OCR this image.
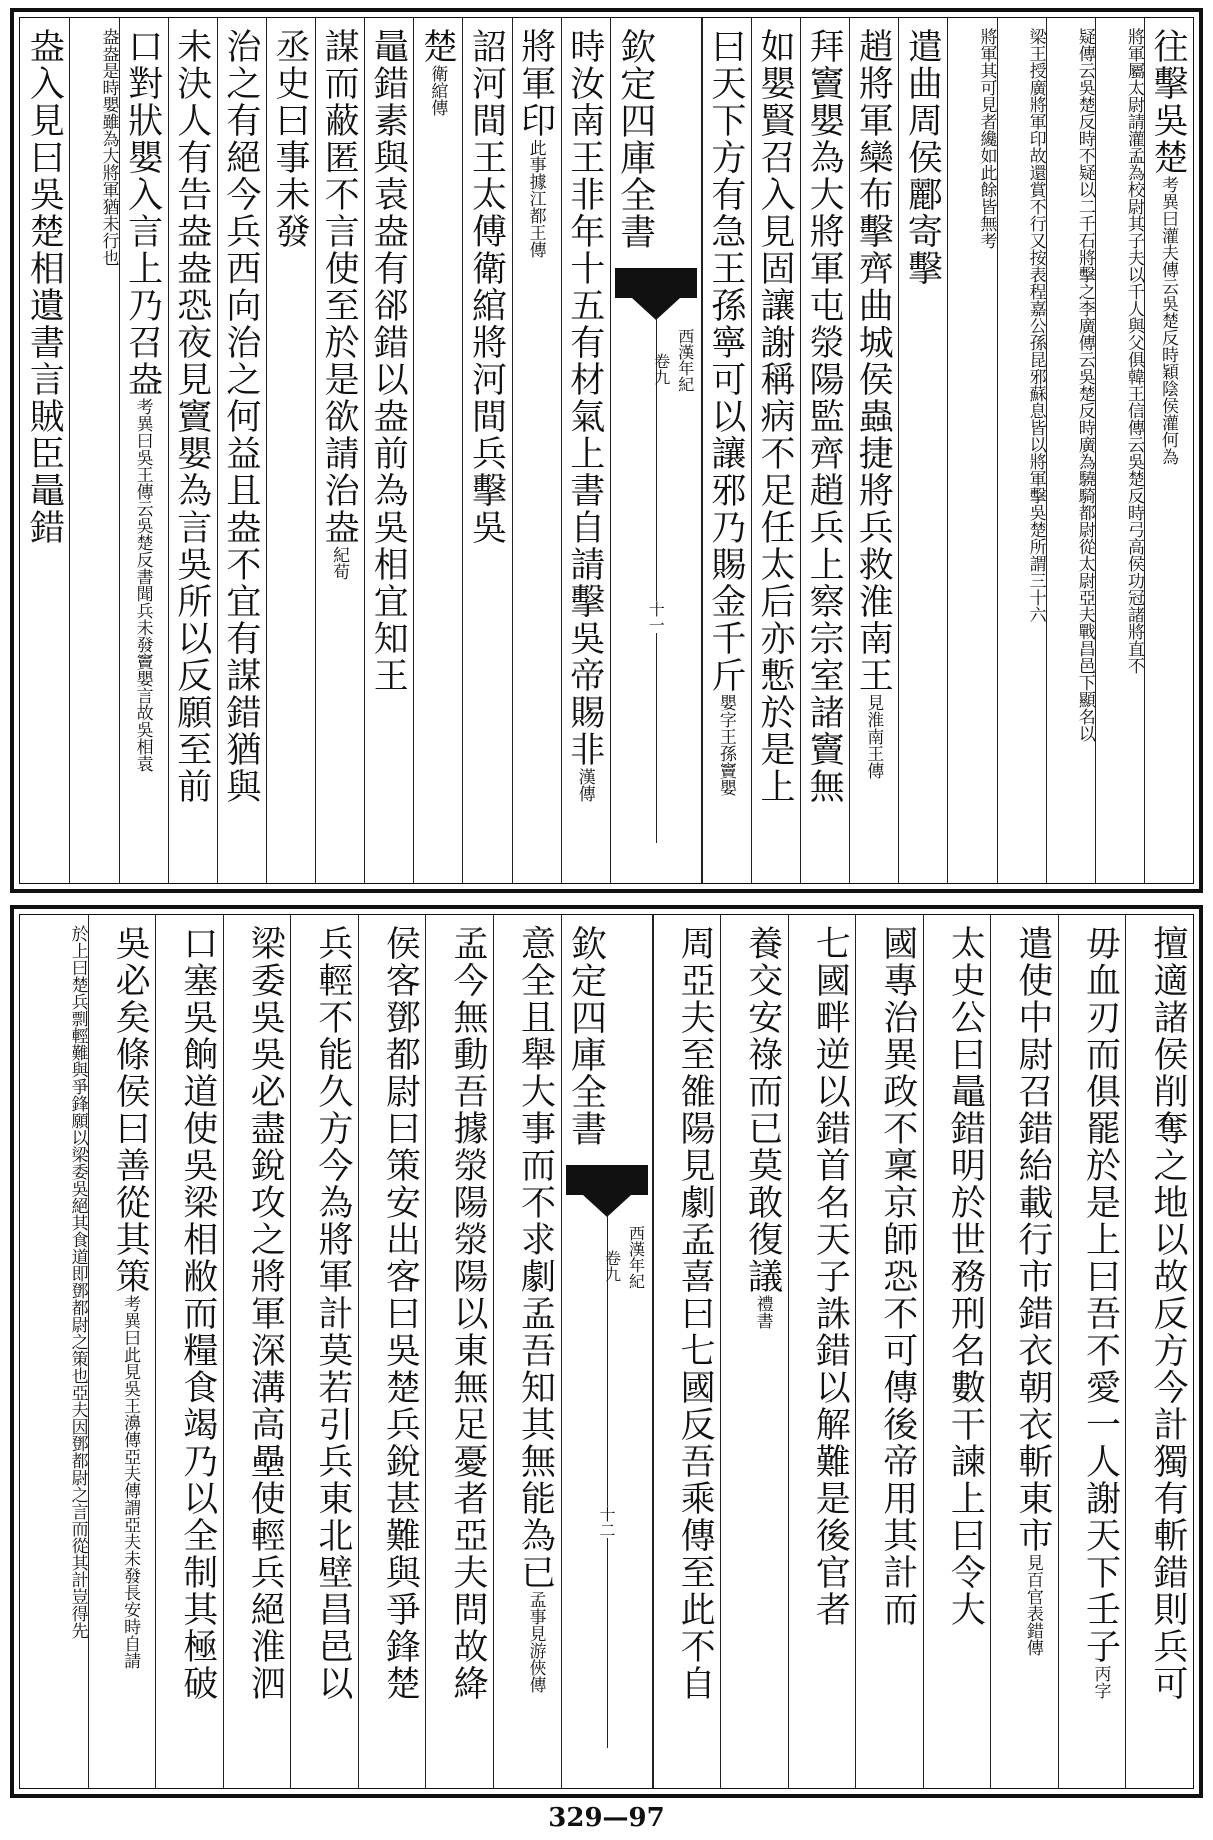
往擊吳楚考異曰灌夫傳云吳楚反時穎陰侯灌何為
將軍屬太尉請灌孟為校尉其子夫以千人與父俱韓王信傳云吳楚反時弓高侯功冠諸將直不
疑傳云吳楚反時不疑以二千石將擊之李廣傳云吳楚反時廣為驍騎都尉從太尉亞夫戰昌邑下顯名以
梁王授廣將軍印故還賞不行又按表程嘉公孫昆邪蘇息皆以將軍擊吳楚所謂三十六
將軍其可見者纔如此餘皆無考
遣曲周侯酈寄擊
趙將軍欒布擊齊曲城侯蟲捷將兵救淮南王見淮南王傳
拜竇嬰為大將軍屯滎陽監齊趙兵上察宗室諸竇無
如嬰賢召入見固讓謝稱病不足任太后亦慙於是上
曰天下方有急王孫寧可以讓邪乃賜金千斤嬰字王孫竇嬰
欽定四庫全書
西漢年紀
卷九
十一
時汝南王非年十五有材氣上書自請擊吳帝賜非漢傳
將軍印此事據江都王傳
詔河間王太傅衛綰將河間兵擊吳
楚衛綰傳
鼂錯素與袁盎有郤錯以盎前為吳相宜知王
謀而蔽匿不言使至於是欲請治盎紀荀
丞史曰事未發
治之有絕今兵西向治之何益且盎不宜有謀錯猶與
未決人有告盎盎恐夜見竇嬰為言吳所以反願至前
口對狀嬰入言上乃召盎考異曰吳王傳云吳楚反書聞兵未發竇嬰言故吳相袁
盎盎是時嬰雖為大將軍猶未行也
盎入見曰吳楚相遺書言賊臣鼂錯
擅適諸侯削奪之地以故反方今計獨有斬錯則兵可
毋血刃而俱罷於是上曰吾不愛一人謝天下壬子丙字
遣使中尉召錯紿載行市錯衣朝衣斬東市見百官表錯傳
太史公曰鼂錯明於世務刑名數干諫上曰令大
國專治異政不稟京師恐不可傳後帝用其計而
七國畔逆以錯首名天子誅錯以解難是後官者
養交安祿而已莫敢復議禮書
周亞夫至雒陽見劇孟喜曰七國反吾乘傳至此不自
欽定四庫全書
西漢年紀
卷九
十二
意全且舉大事而不求劇孟吾知其無能為已孟事見游俠傳
孟今無動吾據滎陽滎陽以東無足憂者亞夫問故絳
侯客鄧都尉曰策安出客曰吳楚兵銳甚難與爭鋒楚
兵輕不能久方今為將軍計莫若引兵東北壁昌邑以
梁委吳吳必盡銳攻之將軍深溝高壘使輕兵絕淮泗
口塞吳餉道使吳梁相敝而糧食竭乃以全制其極破
吳必矣條侯曰善從其策考異曰此見吳王濞傳亞夫傳謂亞夫未發長安時自請
於上曰楚兵剽輕難與爭鋒願以梁委吳絕其食道即鄧都尉之策也亞夫因鄧都尉之言而從其計豈得先
329—97
